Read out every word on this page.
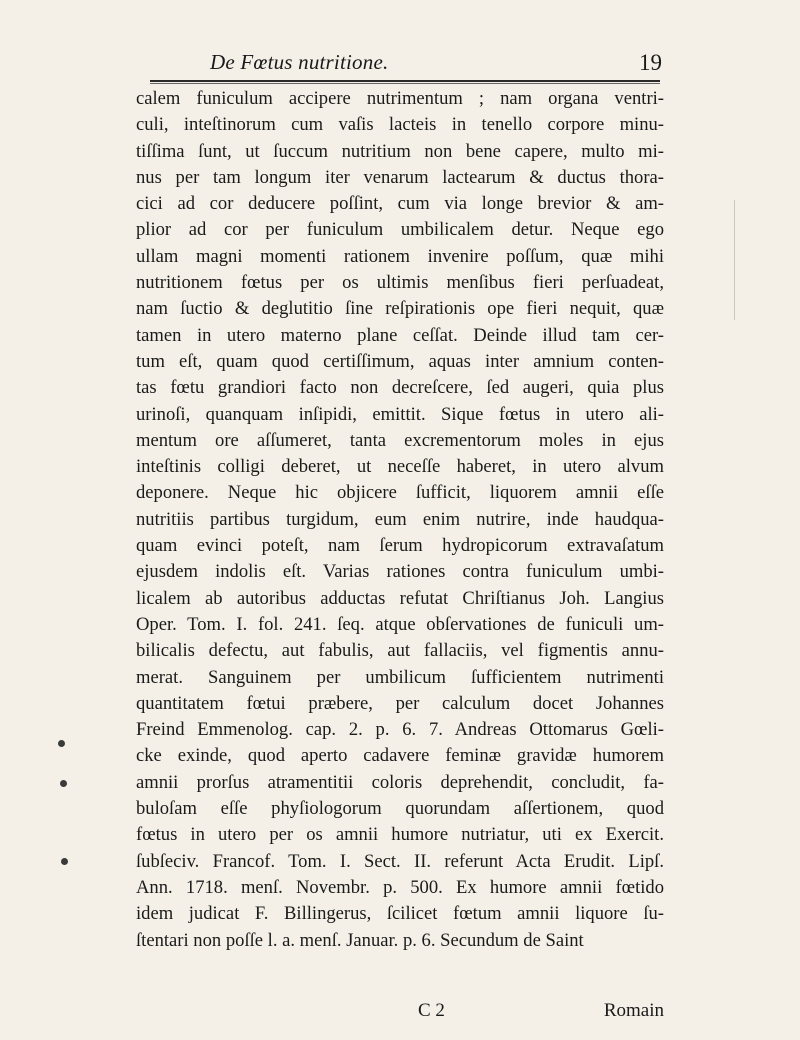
De Fœtus nutritione.	19
calem funiculum accipere nutrimentum ; nam organa ventri-
culi, inteſtinorum cum vaſis lacteis in tenello corpore minu-
tiſſima ſunt, ut ſuccum nutritium non bene capere, multo mi-
nus per tam longum iter venarum lactearum & ductus thora-
cici ad cor deducere poſſint, cum via longe brevior & am-
plior ad cor per funiculum umbilicalem detur. Neque ego
ullam magni momenti rationem invenire poſſum, quæ mihi
nutritionem fœtus per os ultimis menſibus fieri perſuadeat,
nam ſuctio & deglutitio ſine reſpirationis ope fieri nequit, quæ
tamen in utero materno plane ceſſat. Deinde illud tam cer-
tum eſt, quam quod certiſſimum, aquas inter amnium conten-
tas fœtu grandiori facto non decreſcere, ſed augeri, quia plus
urinoſi, quanquam inſipidi, emittit. Sique fœtus in utero ali-
mentum ore aſſumeret, tanta excrementorum moles in ejus
inteſtinis colligi deberet, ut neceſſe haberet, in utero alvum
deponere. Neque hic objicere ſufficit, liquorem amnii eſſe
nutritiis partibus turgidum, eum enim nutrire, inde haudqua-
quam evinci poteſt, nam ſerum hydropicorum extravaſatum
ejusdem indolis eſt. Varias rationes contra funiculum umbi-
licalem ab autoribus adductas refutat Chriſtianus Joh. Langius
Oper. Tom. I. fol. 241. ſeq. atque obſervationes de funiculi um-
bilicalis defectu, aut fabulis, aut fallaciis, vel figmentis annu-
merat. Sanguinem per umbilicum ſufficientem nutrimenti
quantitatem fœtui præbere, per calculum docet Johannes
Freind Emmenolog. cap. 2. p. 6. 7. Andreas Ottomarus Gœli-
cke exinde, quod aperto cadavere feminæ gravidæ humorem
amnii prorſus atramentitii coloris deprehendit, concludit, fa-
buloſam eſſe phyſiologorum quorundam aſſertionem, quod
fœtus in utero per os amnii humore nutriatur, uti ex Exercit.
ſubſeciv. Francof. Tom. I. Sect. II. referunt Acta Erudit. Lipſ.
Ann. 1718. menſ. Novembr. p. 500. Ex humore amnii fœtido
idem judicat F. Billingerus, ſcilicet fœtum amnii liquore ſu-
ſtentari non poſſe l. a. menſ. Januar. p. 6. Secundum de Saint
C 2	Romain
